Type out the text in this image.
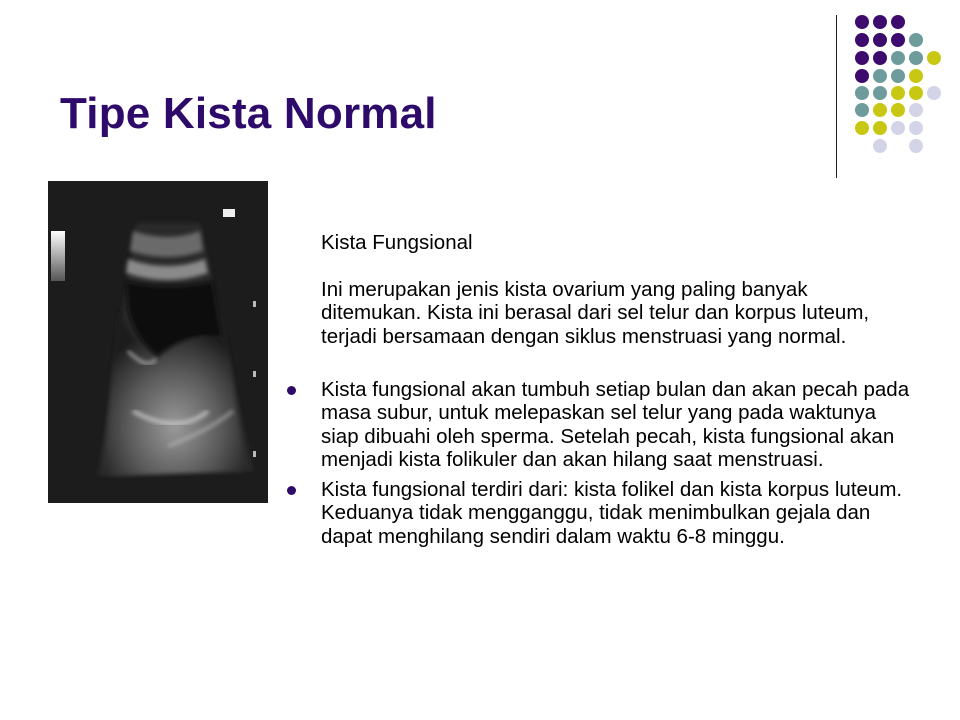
Tipe Kista Normal

Kista Fungsional

Ini merupakan jenis kista ovarium yang paling banyak ditemukan. Kista ini berasal dari sel telur dan korpus luteum, terjadi bersamaan dengan siklus menstruasi yang normal.

Kista fungsional akan tumbuh setiap bulan dan akan pecah pada masa subur, untuk melepaskan sel telur yang pada waktunya siap dibuahi oleh sperma. Setelah pecah, kista fungsional akan menjadi kista folikuler dan akan hilang saat menstruasi.
Kista fungsional terdiri dari: kista folikel dan kista korpus luteum. Keduanya tidak mengganggu, tidak menimbulkan gejala dan dapat menghilang sendiri dalam waktu 6-8 minggu.
